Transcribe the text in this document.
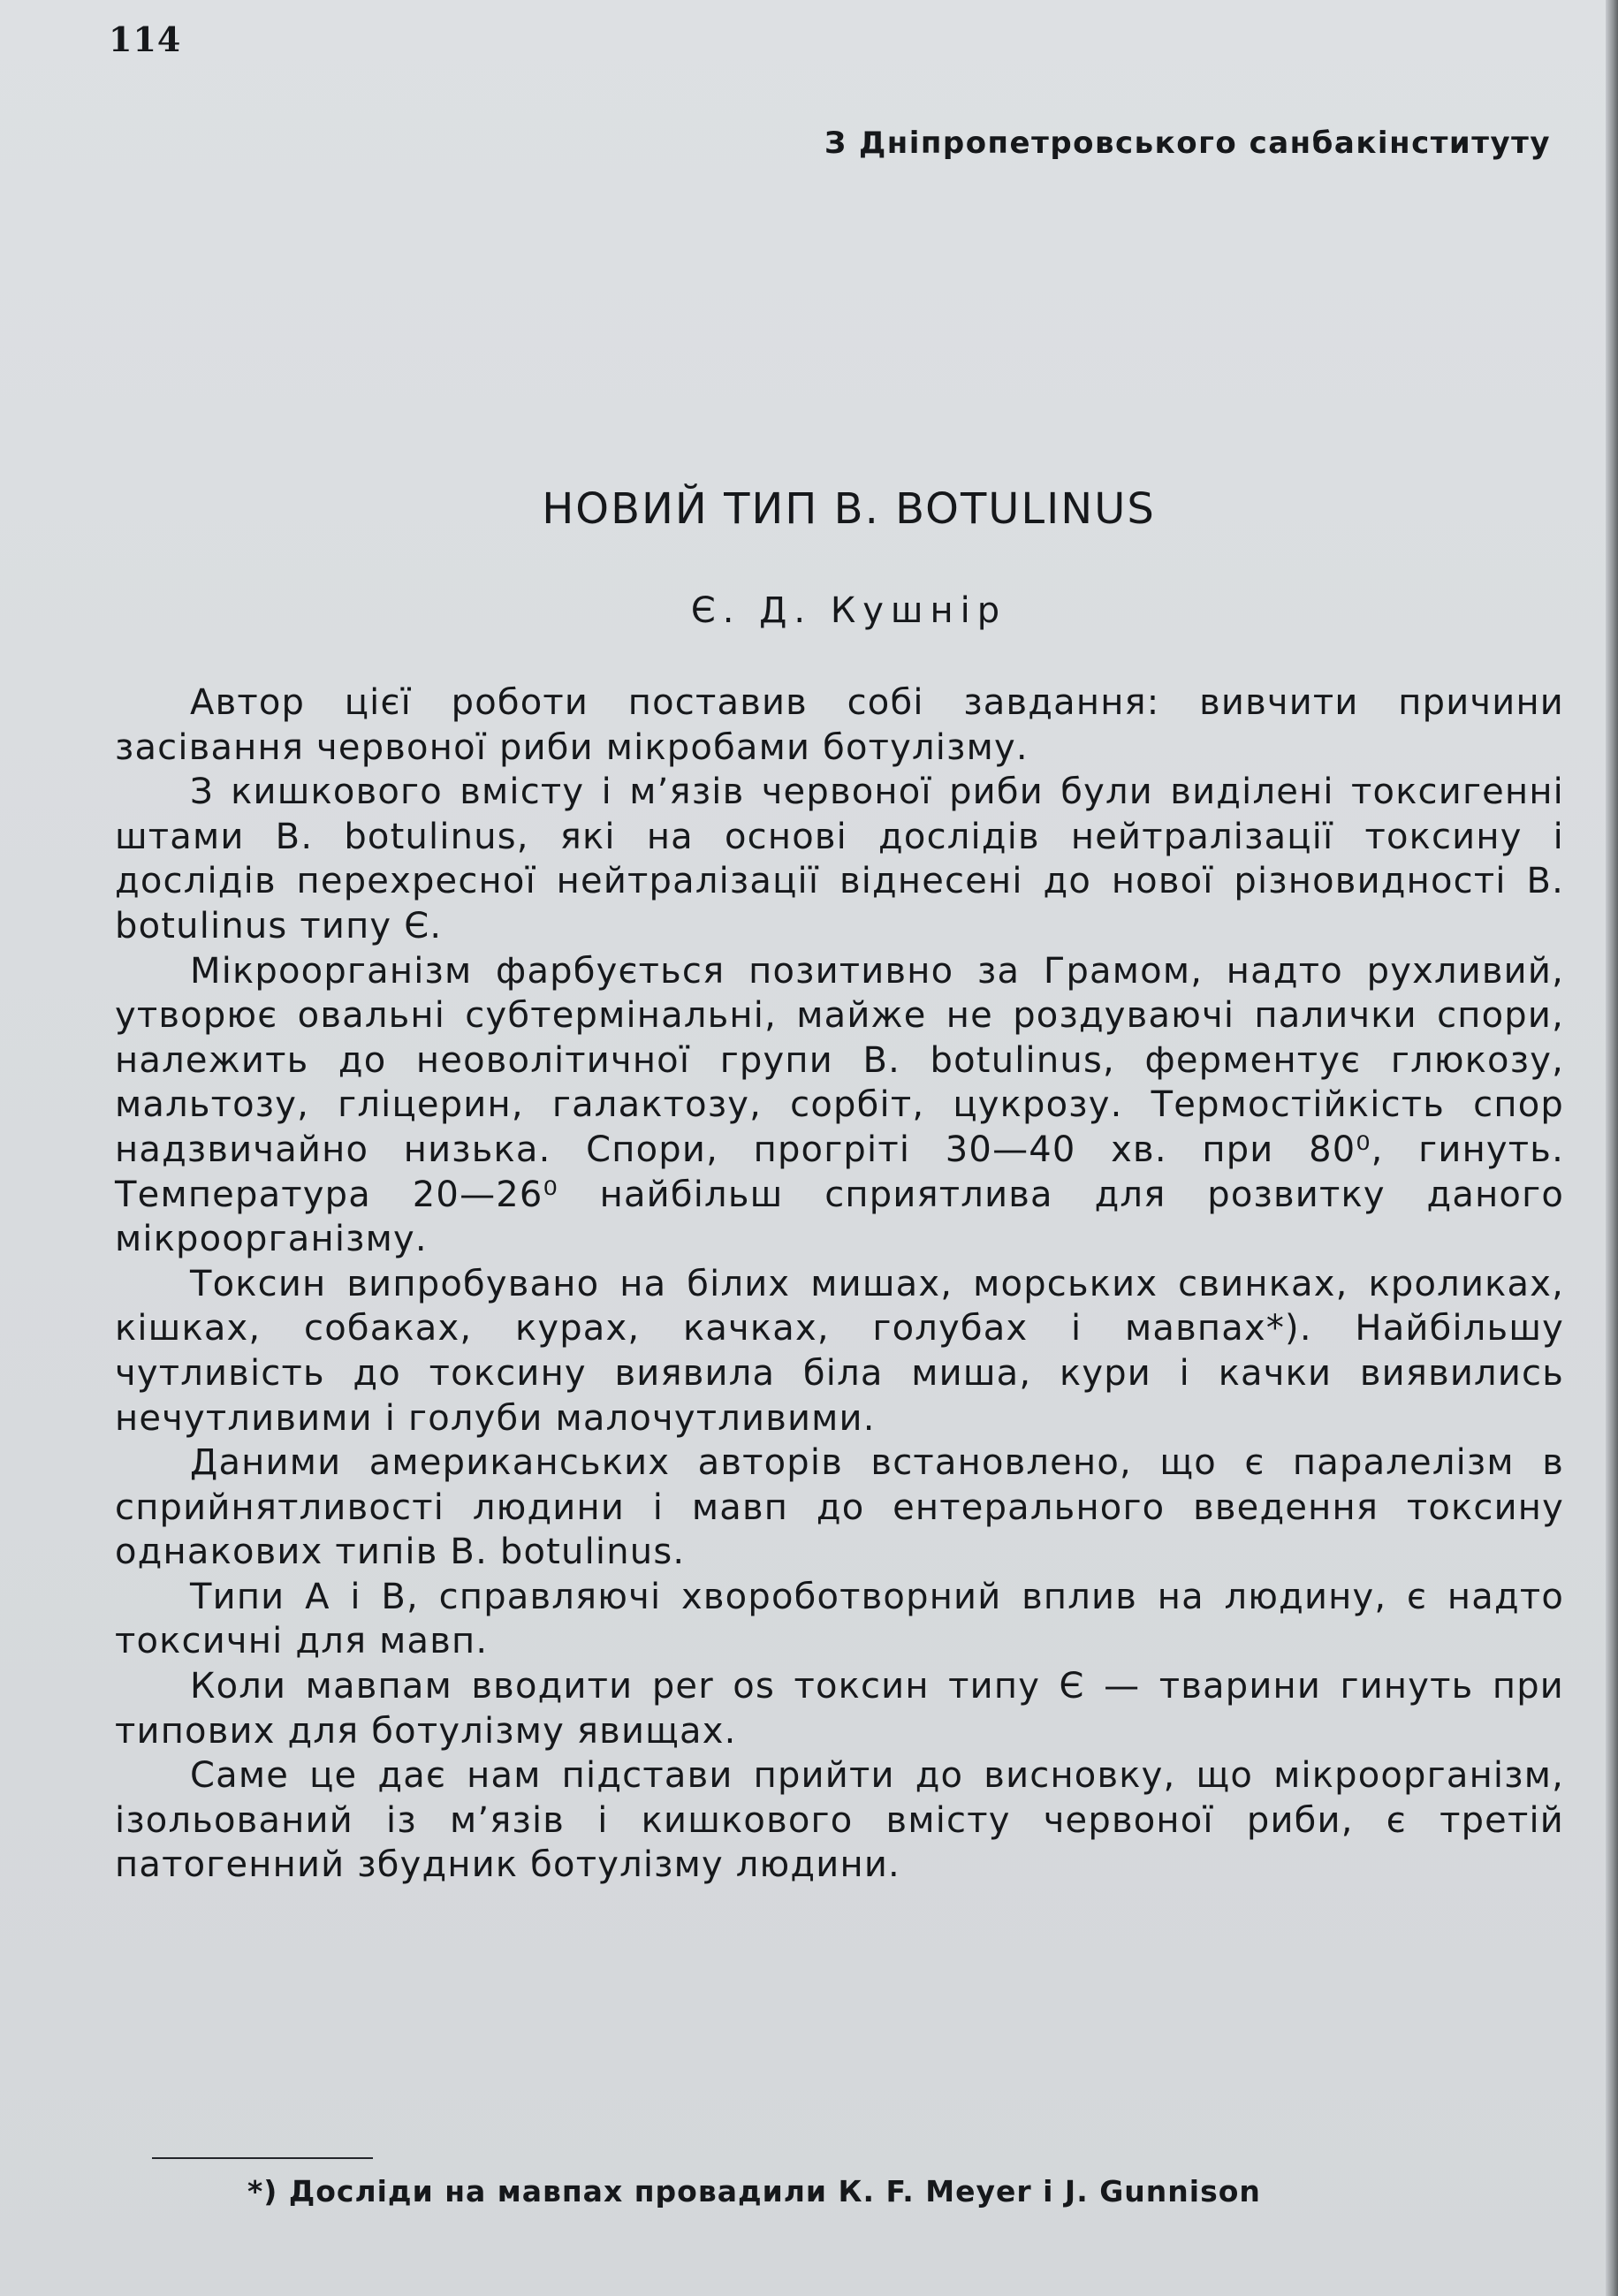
114
З Дніпропетровського санбакінституту
НОВИЙ ТИП В. BOTULINUS
Є. Д. Кушнір

Автор цієї роботи поставив собі завдання: вивчити причини засівання червоної риби мікробами ботулізму.

З кишкового вмісту і м’язів червоної риби були виділені токсигенні штами В. botulinus, які на основі дослідів нейтралізації токсину і дослідів перехресної нейтралізації віднесені до нової різновидності В. botulinus типу Є.

Мікроорганізм фарбується позитивно за Грамом, надто рухливий, утворює овальні субтермінальні, майже не роздуваючі палички спори, належить до неоволітичної групи В. botulinus, ферментує глюкозу, мальтозу, гліцерин, галактозу, сорбіт, цукрозу. Термостійкість спор надзвичайно низька. Спори, прогріті 30—40 хв. при 80⁰, гинуть. Температура 20—26⁰ найбільш сприятлива для розвитку даного мікроорганізму.

Токсин випробувано на білих мишах, морських свинках, кроликах, кішках, собаках, курах, качках, голубах і мавпах*). Найбільшу чутливість до токсину виявила біла миша, кури і качки виявились нечутливими і голуби малочутливими.

Даними американських авторів встановлено, що є паралелізм в сприйнятливості людини і мавп до ентерального введення токсину однакових типів В. botulinus.

Типи А і В, справляючі хвороботворний вплив на людину, є надто токсичні для мавп.

Коли мавпам вводити per os токсин типу Є — тварини гинуть при типових для ботулізму явищах.

Саме це дає нам підстави прийти до висновку, що мікроорганізм, ізольований із м’язів і кишкового вмісту червоної риби, є третій патогенний збудник ботулізму людини.

*) Досліди на мавпах провадили К. F. Meyer і J. Gunnison
